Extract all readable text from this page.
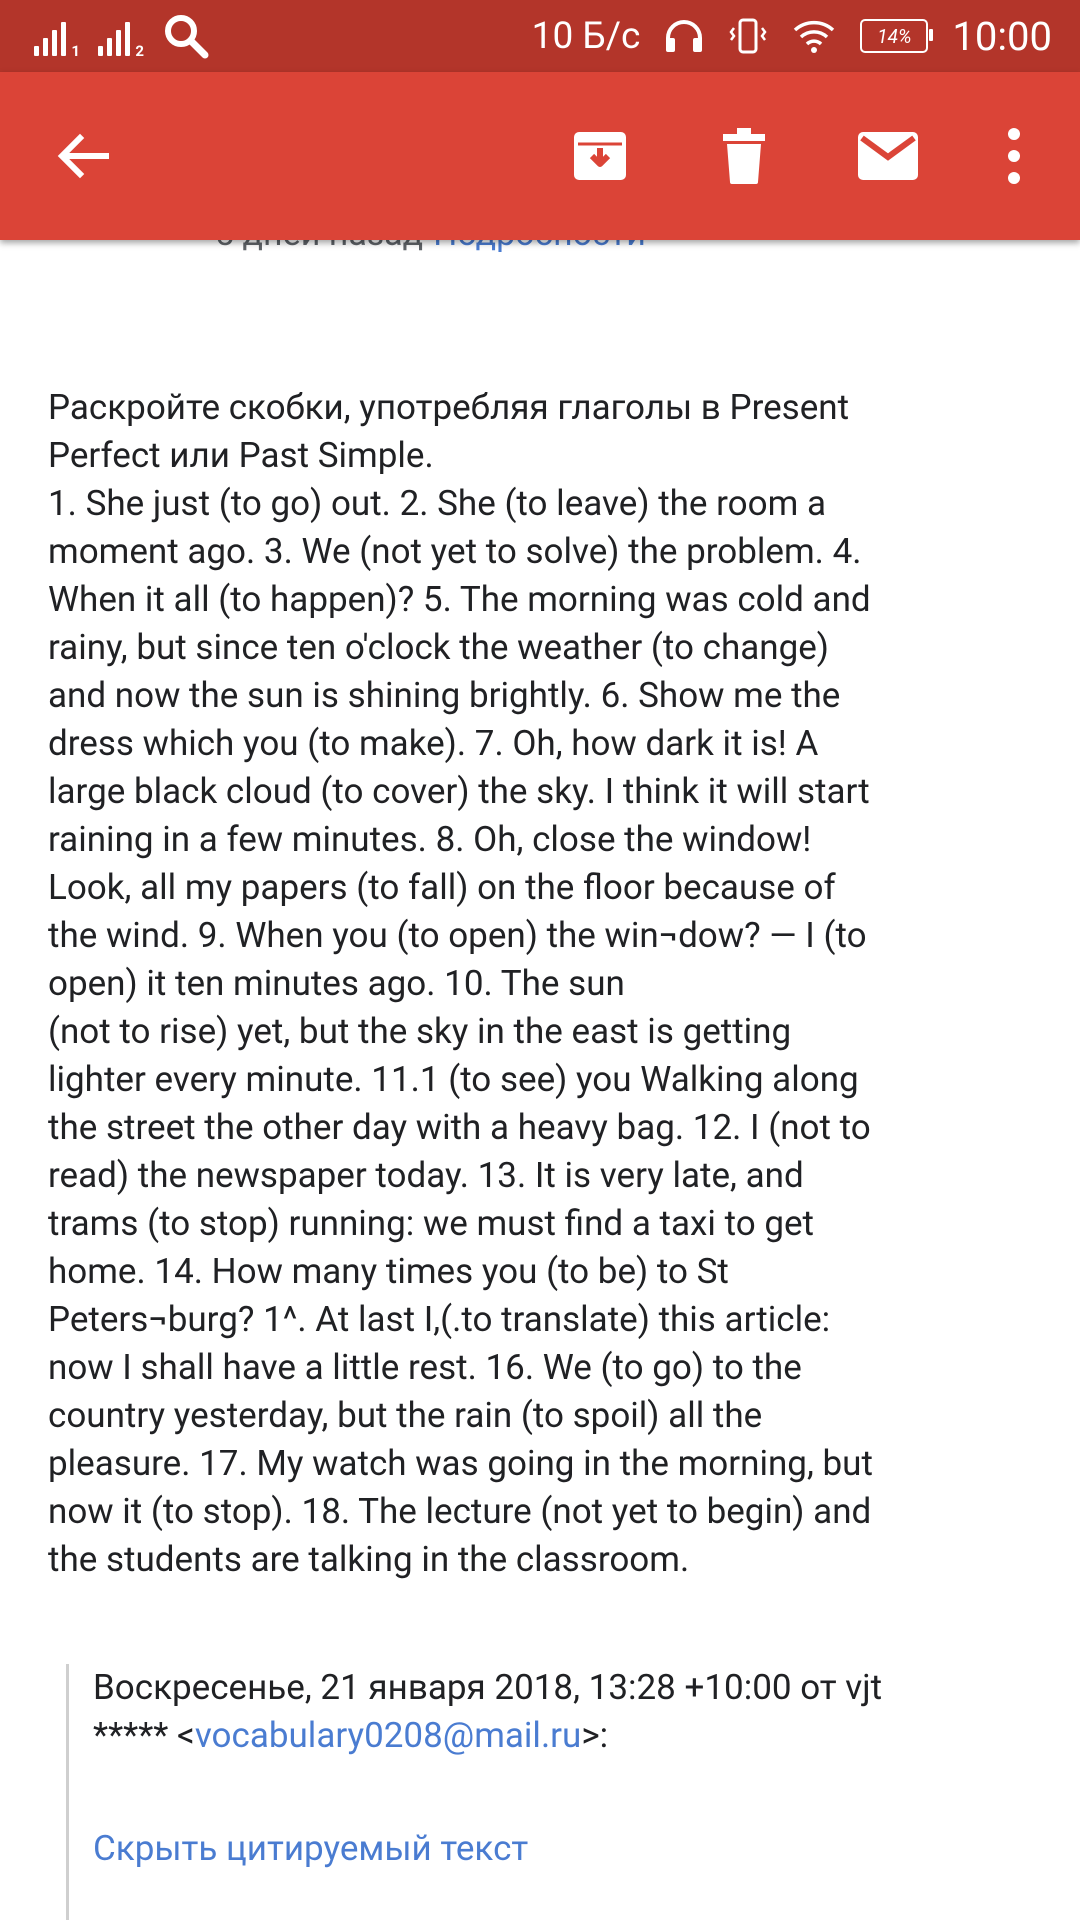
1	2	10 Б/с	14% 10:00
Раскройте скобки, употребляя глаголы в Present
Perfect или Past Simple.
1. She just (to go) out. 2. She (to leave) the room a
moment ago. 3. We (not yet to solve) the problem. 4.
When it all (to happen)? 5. The morning was cold and
rainy, but since ten o'clock the weather (to change)
and now the sun is shining brightly. 6. Show me the
dress which you (to make). 7. Oh, how dark it is! A
large black cloud (to cover) the sky. I think it will start
raining in a few minutes. 8. Oh, close the window!
Look, all my papers (to fall) on the floor because of
the wind. 9. When you (to open) the win¬dow? — I (to
open) it ten minutes ago. 10. The sun
(not to rise) yet, but the sky in the east is getting
lighter every minute. 11.1 (to see) you Walking along
the street the other day with a heavy bag. 12. I (not to
read) the newspaper today. 13. It is very late, and
trams (to stop) running: we must find a taxi to get
home. 14. How many times you (to be) to St
Peters¬burg? 1^. At last I,(.to translate) this article:
now I shall have a little rest. 16. We (to go) to the
country yesterday, but the rain (to spoil) all the
pleasure. 17. My watch was going in the morning, but
now it (to stop). 18. The lecture (not yet to begin) and
the students are talking in the classroom.
Воскресенье, 21 января 2018, 13:28 +10:00 от vjt
***** <vocabulary0208@mail.ru>:
Скрыть цитируемый текст
